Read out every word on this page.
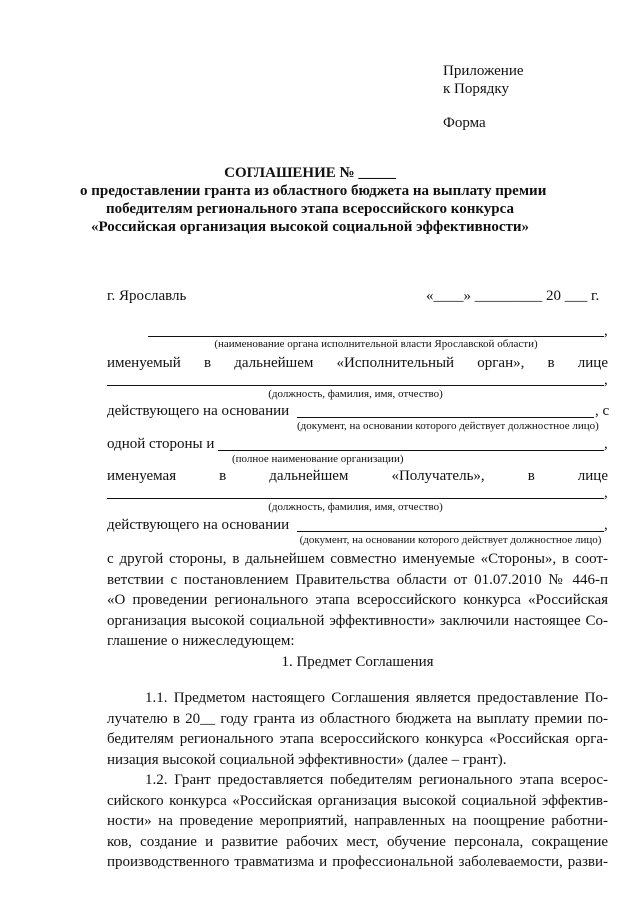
Приложение
к Порядку
Форма
СОГЛАШЕНИЕ № _____
о предоставлении гранта из областного бюджета на выплату премии
победителям регионального этапа всероссийского конкурса
«Российская организация высокой социальной эффективности»
г. Ярославль	«____» _________ 20 ___ г.
,
(наименование органа исполнительной власти Ярославской области)
именуемый в дальнейшем «Исполнительный орган», в лице
,
(должность, фамилия, имя, отчество)
действующего на основании	, с
(документ, на основании которого действует должностное лицо)
одной стороны и	,
(полное наименование организации)
именуемая	в	дальнейшем	«Получатель»,	в	лице
,
(должность, фамилия, имя, отчество)
действующего на основании	,
(документ, на основании которого действует должностное лицо)
с другой стороны, в дальнейшем совместно именуемые «Стороны», в соот-
ветствии с постановлением Правительства области от 01.07.2010 № 446-п
«О проведении регионального этапа всероссийского конкурса «Российская
организация высокой социальной эффективности» заключили настоящее Со-
глашение о нижеследующем:
1. Предмет Соглашения
1.1. Предметом настоящего Соглашения является предоставление По-
лучателю в 20__ году гранта из областного бюджета на выплату премии по-
бедителям регионального этапа всероссийского конкурса «Российская орга-
низация высокой социальной эффективности» (далее – грант).
1.2. Грант предоставляется победителям регионального этапа всерос-
сийского конкурса «Российская организация высокой социальной эффектив-
ности» на проведение мероприятий, направленных на поощрение работни-
ков, создание и развитие рабочих мест, обучение персонала, сокращение
производственного травматизма и профессиональной заболеваемости, разви-
